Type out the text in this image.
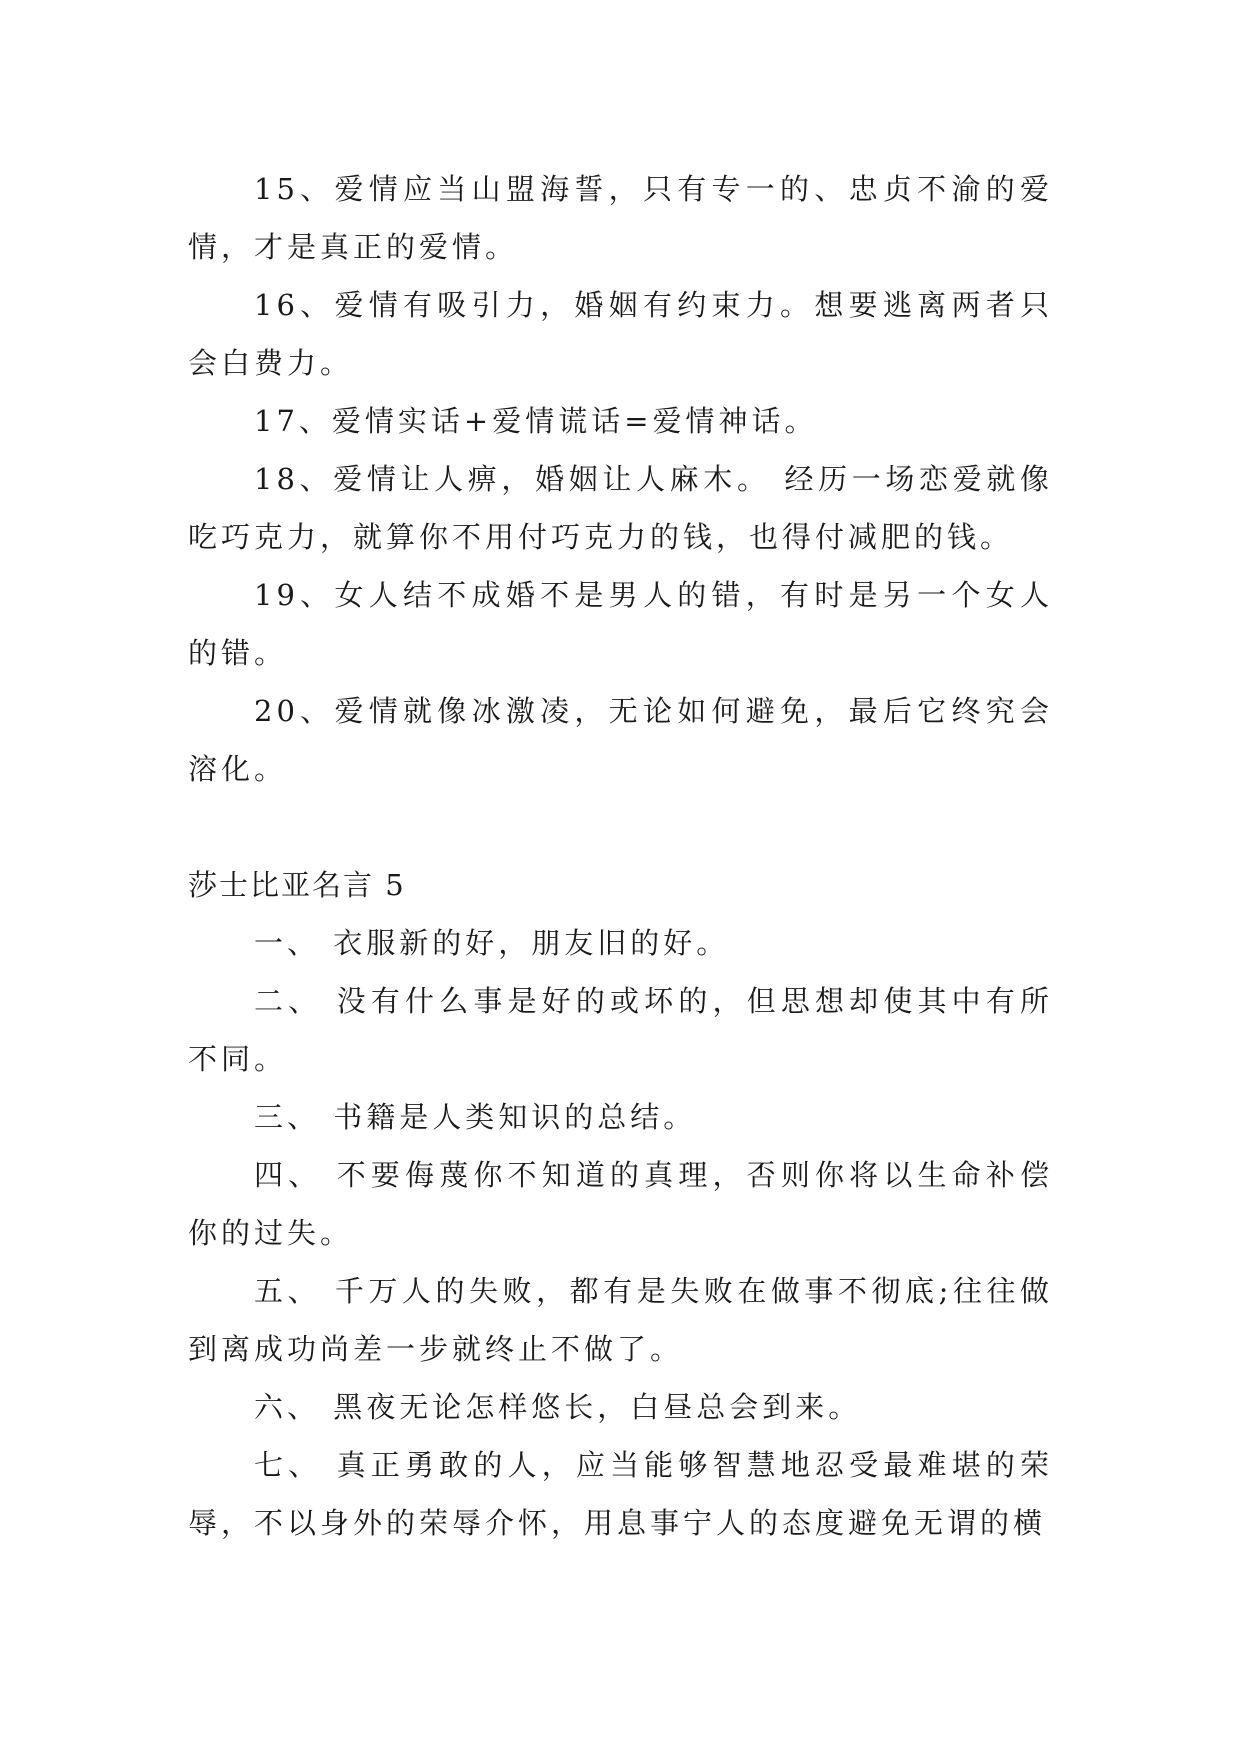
15、爱情应当山盟海誓，只有专一的、忠贞不渝的爱情，才是真正的爱情。

16、爱情有吸引力，婚姻有约束力。想要逃离两者只会白费力。

17、爱情实话+爱情谎话=爱情神话。

18、爱情让人痹，婚姻让人麻木。 经历一场恋爱就像吃巧克力，就算你不用付巧克力的钱，也得付减肥的钱。

19、女人结不成婚不是男人的错，有时是另一个女人的错。

20、爱情就像冰激凌，无论如何避免，最后它终究会溶化。

莎士比亚名言 5

一、 衣服新的好，朋友旧的好。

二、 没有什么事是好的或坏的，但思想却使其中有所不同。

三、 书籍是人类知识的总结。

四、 不要侮蔑你不知道的真理，否则你将以生命补偿你的过失。

五、 千万人的失败，都有是失败在做事不彻底;往往做到离成功尚差一步就终止不做了。

六、 黑夜无论怎样悠长，白昼总会到来。

七、 真正勇敢的人，应当能够智慧地忍受最难堪的荣辱，不以身外的荣辱介怀，用息事宁人的态度避免无谓的横
